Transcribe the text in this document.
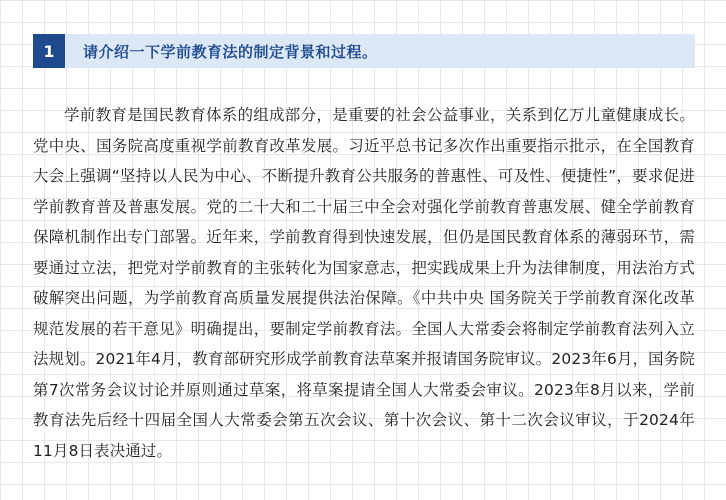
1	请介绍一下学前教育法的制定背景和过程。

学前教育是国民教育体系的组成部分，是重要的社会公益事业，关系到亿万儿童健康成长。党中央、国务院高度重视学前教育改革发展。习近平总书记多次作出重要指示批示，在全国教育大会上强调“坚持以人民为中心、不断提升教育公共服务的普惠性、可及性、便捷性”，要求促进学前教育普及普惠发展。党的二十大和二十届三中全会对强化学前教育普惠发展、健全学前教育保障机制作出专门部署。近年来，学前教育得到快速发展，但仍是国民教育体系的薄弱环节，需要通过立法，把党对学前教育的主张转化为国家意志，把实践成果上升为法律制度，用法治方式破解突出问题，为学前教育高质量发展提供法治保障。《中共中央 国务院关于学前教育深化改革规范发展的若干意见》明确提出，要制定学前教育法。全国人大常委会将制定学前教育法列入立法规划。2021年4月，教育部研究形成学前教育法草案并报请国务院审议。2023年6月，国务院第7次常务会议讨论并原则通过草案，将草案提请全国人大常委会审议。2023年8月以来，学前教育法先后经十四届全国人大常委会第五次会议、第十次会议、第十二次会议审议，于2024年11月8日表决通过。
